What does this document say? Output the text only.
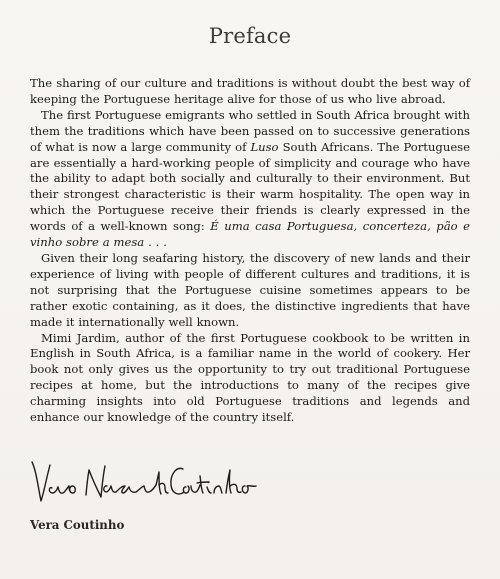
Preface

The sharing of our culture and traditions is without doubt the best way of keeping the Portuguese heritage alive for those of us who live abroad.

The first Portuguese emigrants who settled in South Africa brought with them the traditions which have been passed on to successive generations of what is now a large community of Luso South Africans. The Portuguese are essentially a hard-working people of simplicity and courage who have the ability to adapt both socially and culturally to their environment. But their strongest characteristic is their warm hospitality. The open way in which the Portuguese receive their friends is clearly expressed in the words of a well-known song: É uma casa Portuguesa, concerteza, pão e vinho sobre a mesa . . .

Given their long seafaring history, the discovery of new lands and their experience of living with people of different cultures and traditions, it is not surprising that the Portuguese cuisine sometimes appears to be rather exotic containing, as it does, the distinctive ingredients that have made it internationally well known.

Mimi Jardim, author of the first Portuguese cookbook to be written in English in South Africa, is a familiar name in the world of cookery. Her book not only gives us the opportunity to try out traditional Portuguese recipes at home, but the introductions to many of the recipes give charming insights into old Portuguese traditions and legends and enhance our knowledge of the country itself.

Vera Coutinho
